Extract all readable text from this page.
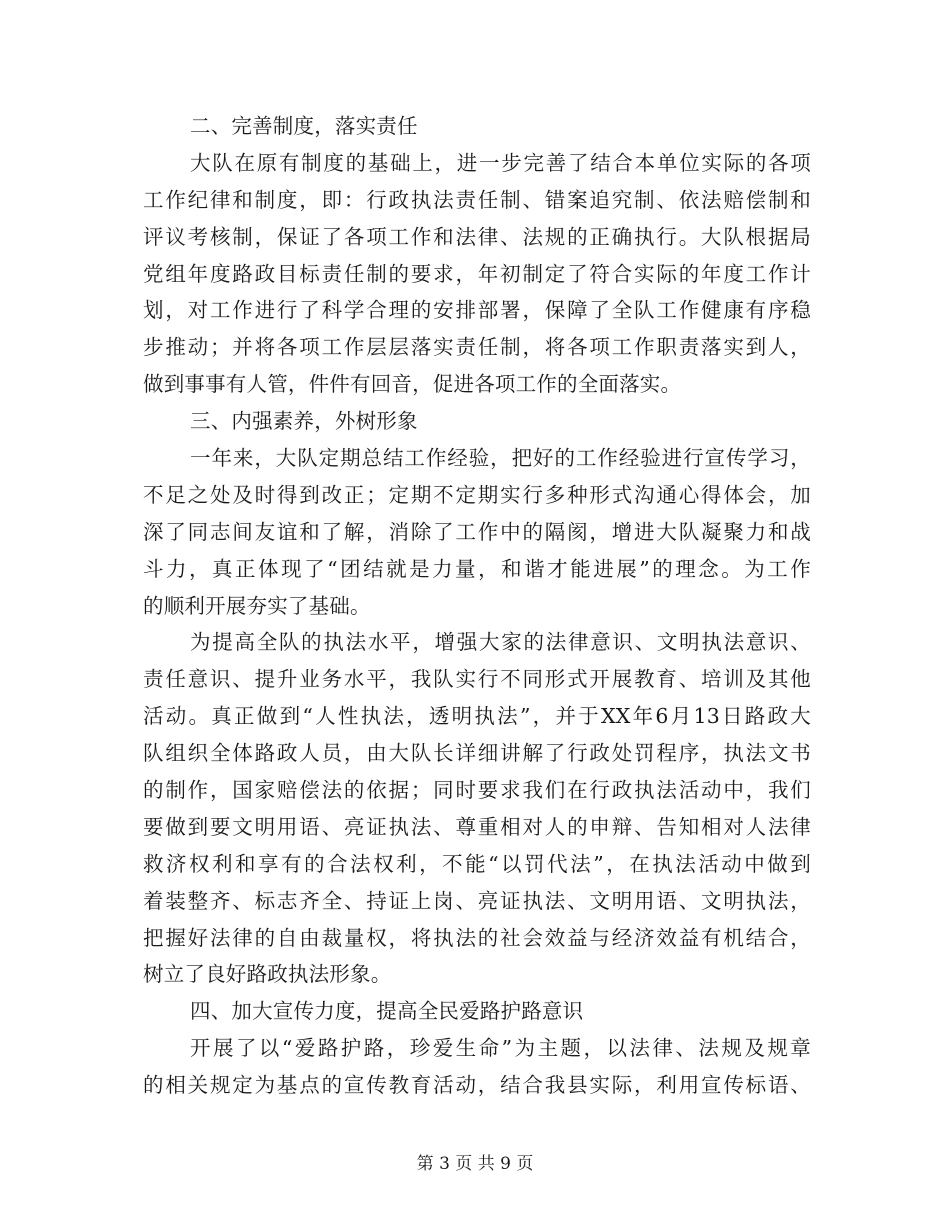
二、完善制度，落实责任
大队在原有制度的基础上，进一步完善了结合本单位实际的各项
工作纪律和制度，即：行政执法责任制、错案追究制、依法赔偿制和
评议考核制，保证了各项工作和法律、法规的正确执行。大队根据局
党组年度路政目标责任制的要求，年初制定了符合实际的年度工作计
划，对工作进行了科学合理的安排部署，保障了全队工作健康有序稳
步推动；并将各项工作层层落实责任制，将各项工作职责落实到人，
做到事事有人管，件件有回音，促进各项工作的全面落实。
三、内强素养，外树形象
一年来，大队定期总结工作经验，把好的工作经验进行宣传学习，
不足之处及时得到改正；定期不定期实行多种形式沟通心得体会，加
深了同志间友谊和了解，消除了工作中的隔阂，增进大队凝聚力和战
斗力，真正体现了“团结就是力量，和谐才能进展”的理念。为工作
的顺利开展夯实了基础。
为提高全队的执法水平，增强大家的法律意识、文明执法意识、
责任意识、提升业务水平，我队实行不同形式开展教育、培训及其他
活动。真正做到“人性执法，透明执法”，并于XX年6月13日路政大
队组织全体路政人员，由大队长详细讲解了行政处罚程序，执法文书
的制作，国家赔偿法的依据；同时要求我们在行政执法活动中，我们
要做到要文明用语、亮证执法、尊重相对人的申辩、告知相对人法律
救济权利和享有的合法权利，不能“以罚代法”，在执法活动中做到
着装整齐、标志齐全、持证上岗、亮证执法、文明用语、文明执法，
把握好法律的自由裁量权，将执法的社会效益与经济效益有机结合，
树立了良好路政执法形象。
四、加大宣传力度，提高全民爱路护路意识
开展了以“爱路护路，珍爱生命”为主题，以法律、法规及规章
的相关规定为基点的宣传教育活动，结合我县实际，利用宣传标语、
第 3 页 共 9 页
